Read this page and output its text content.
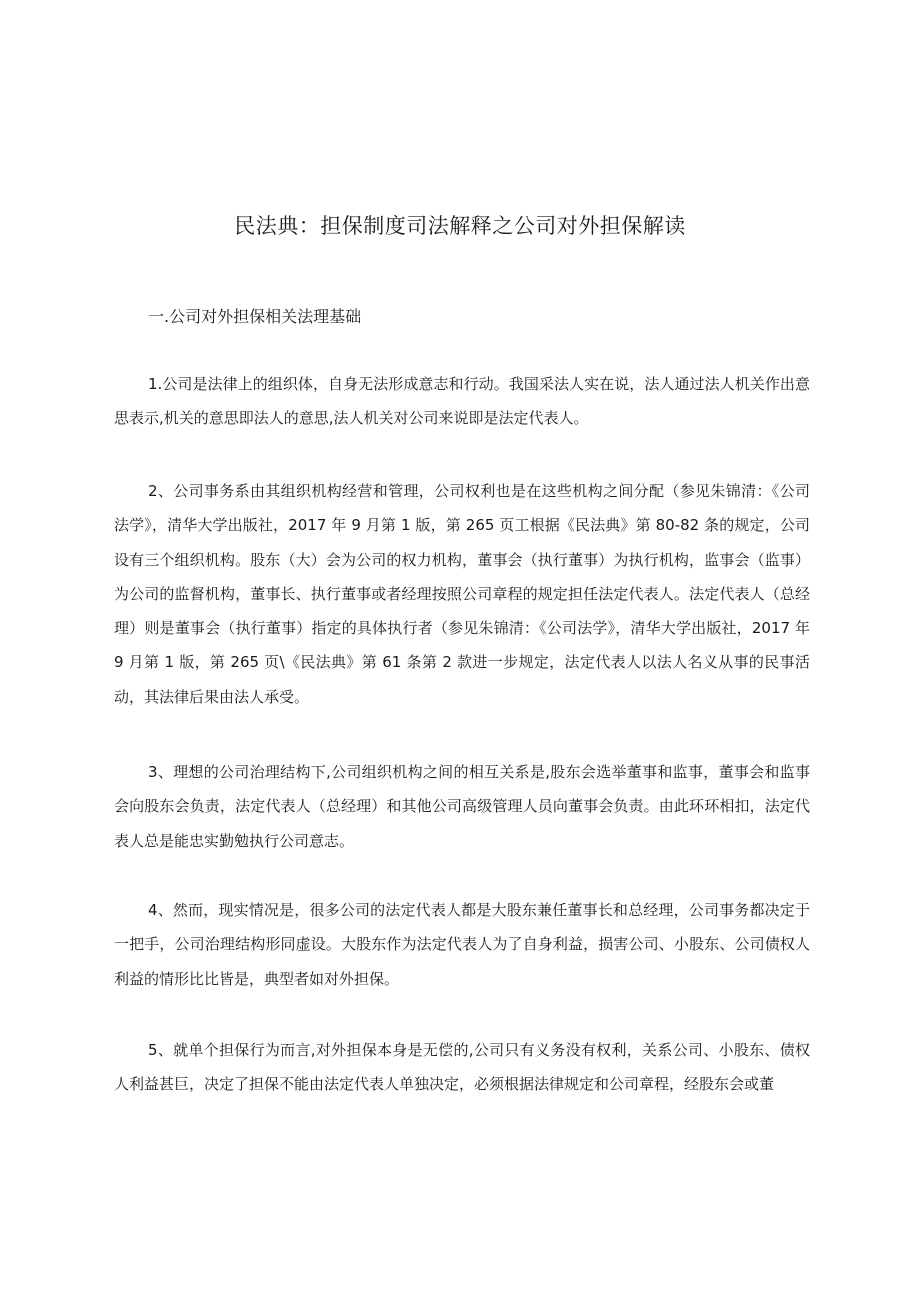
民法典：担保制度司法解释之公司对外担保解读
一.公司对外担保相关法理基础

1.公司是法律上的组织体，自身无法形成意志和行动。我国采法人实在说，法人通过法人机关作出意思表示,机关的意思即法人的意思,法人机关对公司来说即是法定代表人。

2、公司事务系由其组织机构经营和管理，公司权利也是在这些机构之间分配（参见朱锦清：《公司法学》，清华大学出版社，2017 年 9 月第 1 版，第 265 页工根据《民法典》第 80-82 条的规定，公司设有三个组织机构。股东（大）会为公司的权力机构，董事会（执行董事）为执行机构，监事会（监事）为公司的监督机构，董事长、执行董事或者经理按照公司章程的规定担任法定代表人。法定代表人（总经理）则是董事会（执行董事）指定的具体执行者（参见朱锦清：《公司法学》，清华大学出版社，2017 年 9 月第 1 版，第 265 页\《民法典》第 61 条第 2 款进一步规定，法定代表人以法人名义从事的民事活动，其法律后果由法人承受。

3、理想的公司治理结构下,公司组织机构之间的相互关系是,股东会选举董事和监事，董事会和监事会向股东会负责，法定代表人（总经理）和其他公司高级管理人员向董事会负责。由此环环相扣，法定代表人总是能忠实勤勉执行公司意志。

4、然而，现实情况是，很多公司的法定代表人都是大股东兼任董事长和总经理，公司事务都决定于一把手，公司治理结构形同虚设。大股东作为法定代表人为了自身利益，损害公司、小股东、公司债权人利益的情形比比皆是，典型者如对外担保。

5、就单个担保行为而言,对外担保本身是无偿的,公司只有义务没有权利，关系公司、小股东、债权人利益甚巨，决定了担保不能由法定代表人单独决定，必须根据法律规定和公司章程，经股东会或董
